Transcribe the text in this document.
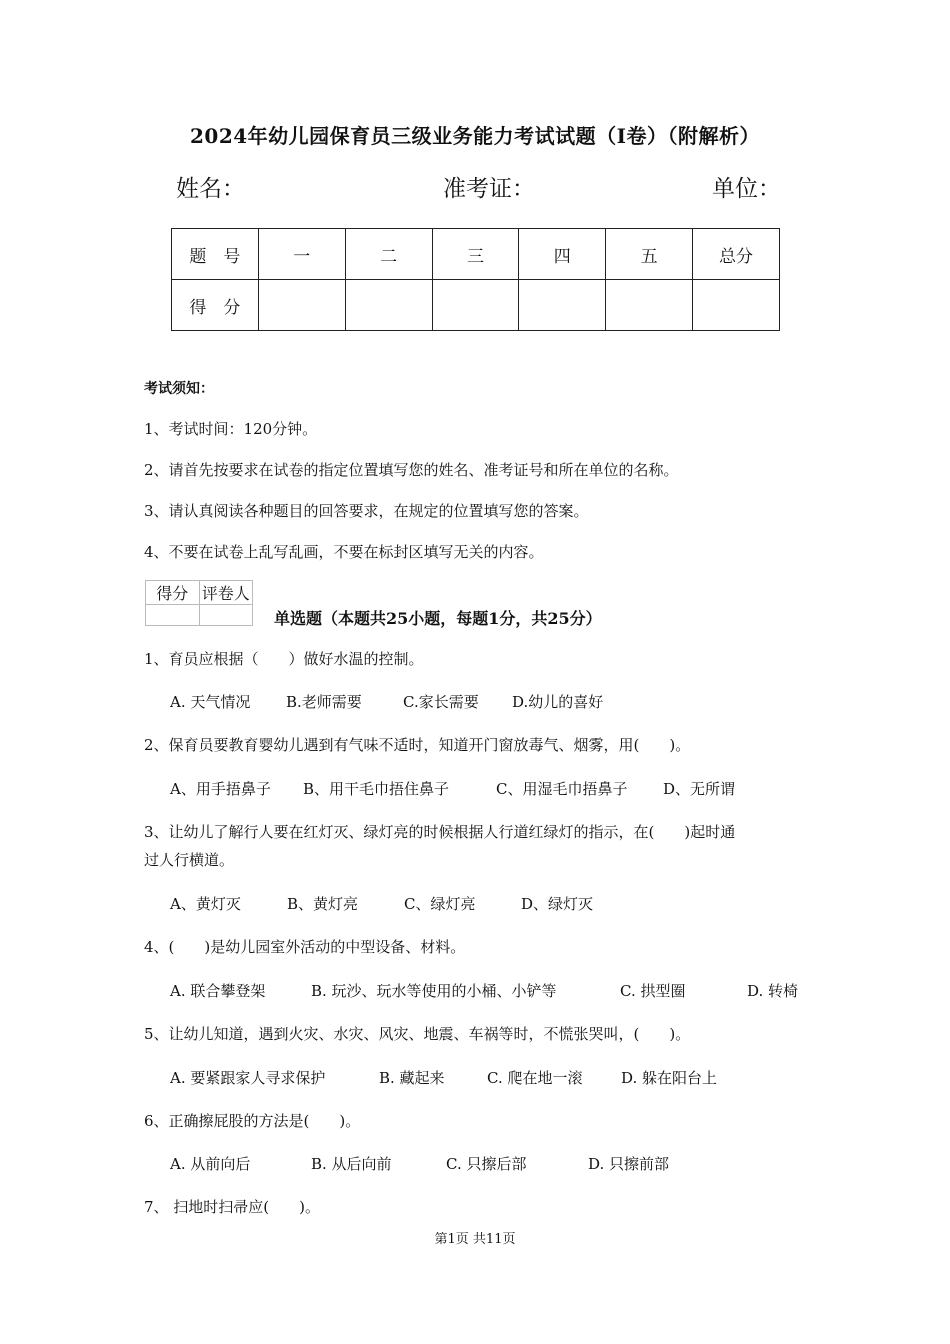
2024年幼儿园保育员三级业务能力考试试题（I卷）（附解析）
姓名：	准考证：	单位：
题　号	一	二	三	四	五	总分
得　分						
考试须知：
1、考试时间：120分钟。
2、请首先按要求在试卷的指定位置填写您的姓名、准考证号和所在单位的名称。
3、请认真阅读各种题目的回答要求，在规定的位置填写您的答案。
4、不要在试卷上乱写乱画，不要在标封区填写无关的内容。
得分	评卷人

单选题（本题共25小题，每题1分，共25分）
1、育员应根据（　　）做好水温的控制。
A. 天气情况 B.老师需要	C.家长需要 D.幼儿的喜好
2、保育员要教育婴幼儿遇到有气味不适时，知道开门窗放毒气、烟雾，用(　　)。
A、用手捂鼻子 B、用干毛巾捂住鼻子	C、用湿毛巾捂鼻子 D、无所谓
3、让幼儿了解行人要在红灯灭、绿灯亮的时候根据人行道红绿灯的指示，在(　　)起时通
过人行横道。
A、黄灯灭	B、黄灯亮	C、绿灯亮	D、绿灯灭
4、(　　)是幼儿园室外活动的中型设备、材料。
A. 联合攀登架	B. 玩沙、玩水等使用的小桶、小铲等	C. 拱型圈	D. 转椅
5、让幼儿知道，遇到火灾、水灾、风灾、地震、车祸等时，不慌张哭叫，(　　)。
A. 要紧跟家人寻求保护	B. 藏起来	C. 爬在地一滚	D. 躲在阳台上
6、正确擦屁股的方法是(　　)。
A. 从前向后	B. 从后向前	C. 只擦后部	D. 只擦前部
7、 扫地时扫帚应(　　)。
第1页 共11页
